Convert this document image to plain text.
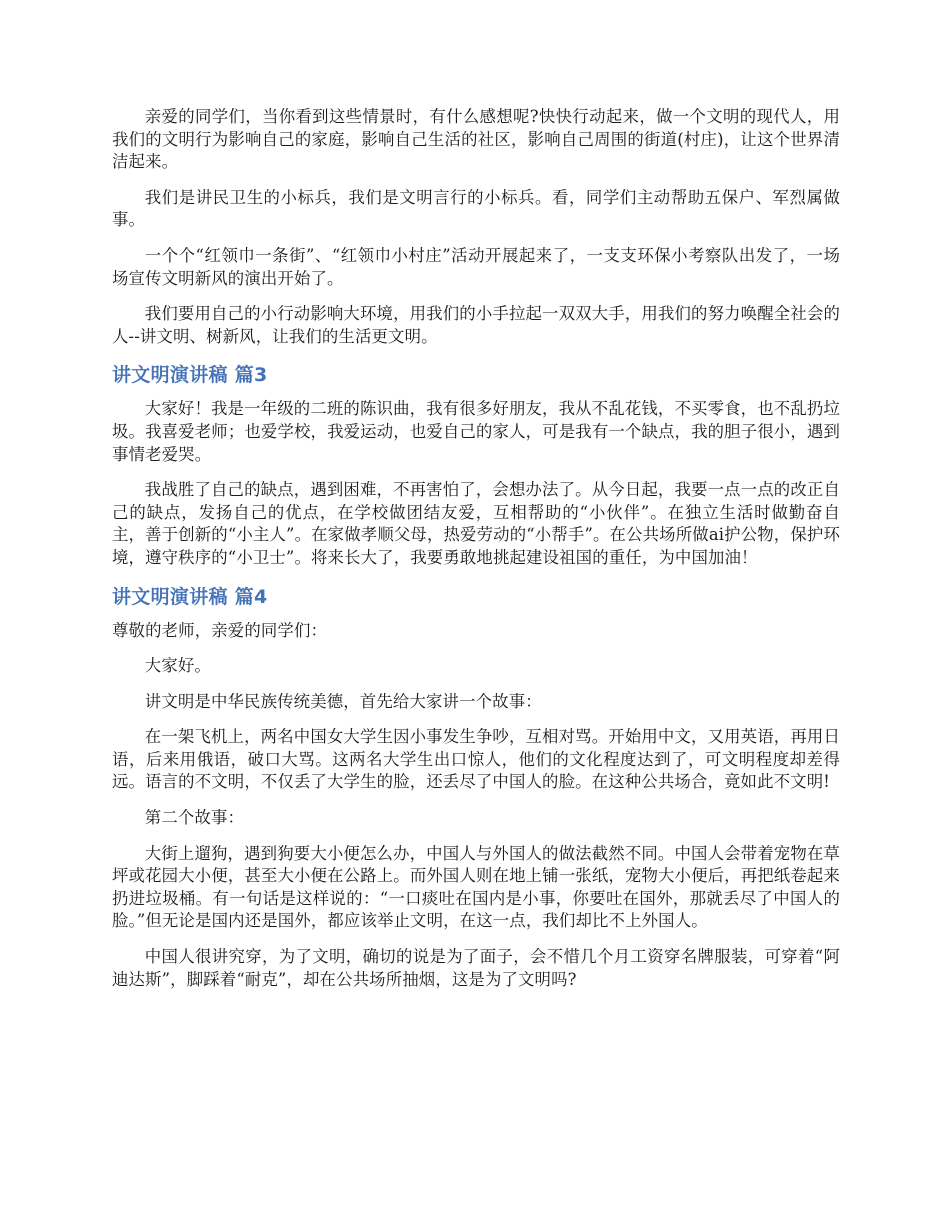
亲爱的同学们，当你看到这些情景时，有什么感想呢?快快行动起来，做一个文明的现代人，用我们的文明行为影响自己的家庭，影响自己生活的社区，影响自己周围的街道(村庄)，让这个世界清洁起来。

我们是讲民卫生的小标兵，我们是文明言行的小标兵。看，同学们主动帮助五保户、军烈属做事。

一个个“红领巾一条街”、“红领巾小村庄”活动开展起来了，一支支环保小考察队出发了，一场场宣传文明新风的演出开始了。

我们要用自己的小行动影响大环境，用我们的小手拉起一双双大手，用我们的努力唤醒全社会的人--讲文明、树新风，让我们的生活更文明。

讲文明演讲稿 篇3

大家好！我是一年级的二班的陈识曲，我有很多好朋友，我从不乱花钱，不买零食，也不乱扔垃圾。我喜爱老师；也爱学校，我爱运动，也爱自己的家人，可是我有一个缺点，我的胆子很小，遇到事情老爱哭。

我战胜了自己的缺点，遇到困难，不再害怕了，会想办法了。从今日起，我要一点一点的改正自己的缺点，发扬自己的优点，在学校做团结友爱，互相帮助的“小伙伴”。在独立生活时做勤奋自主，善于创新的“小主人”。在家做孝顺父母，热爱劳动的“小帮手”。在公共场所做ai护公物，保护环境，遵守秩序的“小卫士”。将来长大了，我要勇敢地挑起建设祖国的重任，为中国加油！

讲文明演讲稿 篇4

尊敬的老师，亲爱的同学们：

大家好。

讲文明是中华民族传统美德，首先给大家讲一个故事：

在一架飞机上，两名中国女大学生因小事发生争吵，互相对骂。开始用中文，又用英语，再用日语，后来用俄语，破口大骂。这两名大学生出口惊人，他们的文化程度达到了，可文明程度却差得远。语言的不文明，不仅丢了大学生的脸，还丢尽了中国人的脸。在这种公共场合，竟如此不文明!

第二个故事：

大街上遛狗，遇到狗要大小便怎么办，中国人与外国人的做法截然不同。中国人会带着宠物在草坪或花园大小便，甚至大小便在公路上。而外国人则在地上铺一张纸，宠物大小便后，再把纸卷起来扔进垃圾桶。有一句话是这样说的：“一口痰吐在国内是小事，你要吐在国外，那就丢尽了中国人的脸。”但无论是国内还是国外，都应该举止文明，在这一点，我们却比不上外国人。

中国人很讲究穿，为了文明，确切的说是为了面子，会不惜几个月工资穿名牌服装，可穿着“阿迪达斯”，脚踩着“耐克”，却在公共场所抽烟，这是为了文明吗?
